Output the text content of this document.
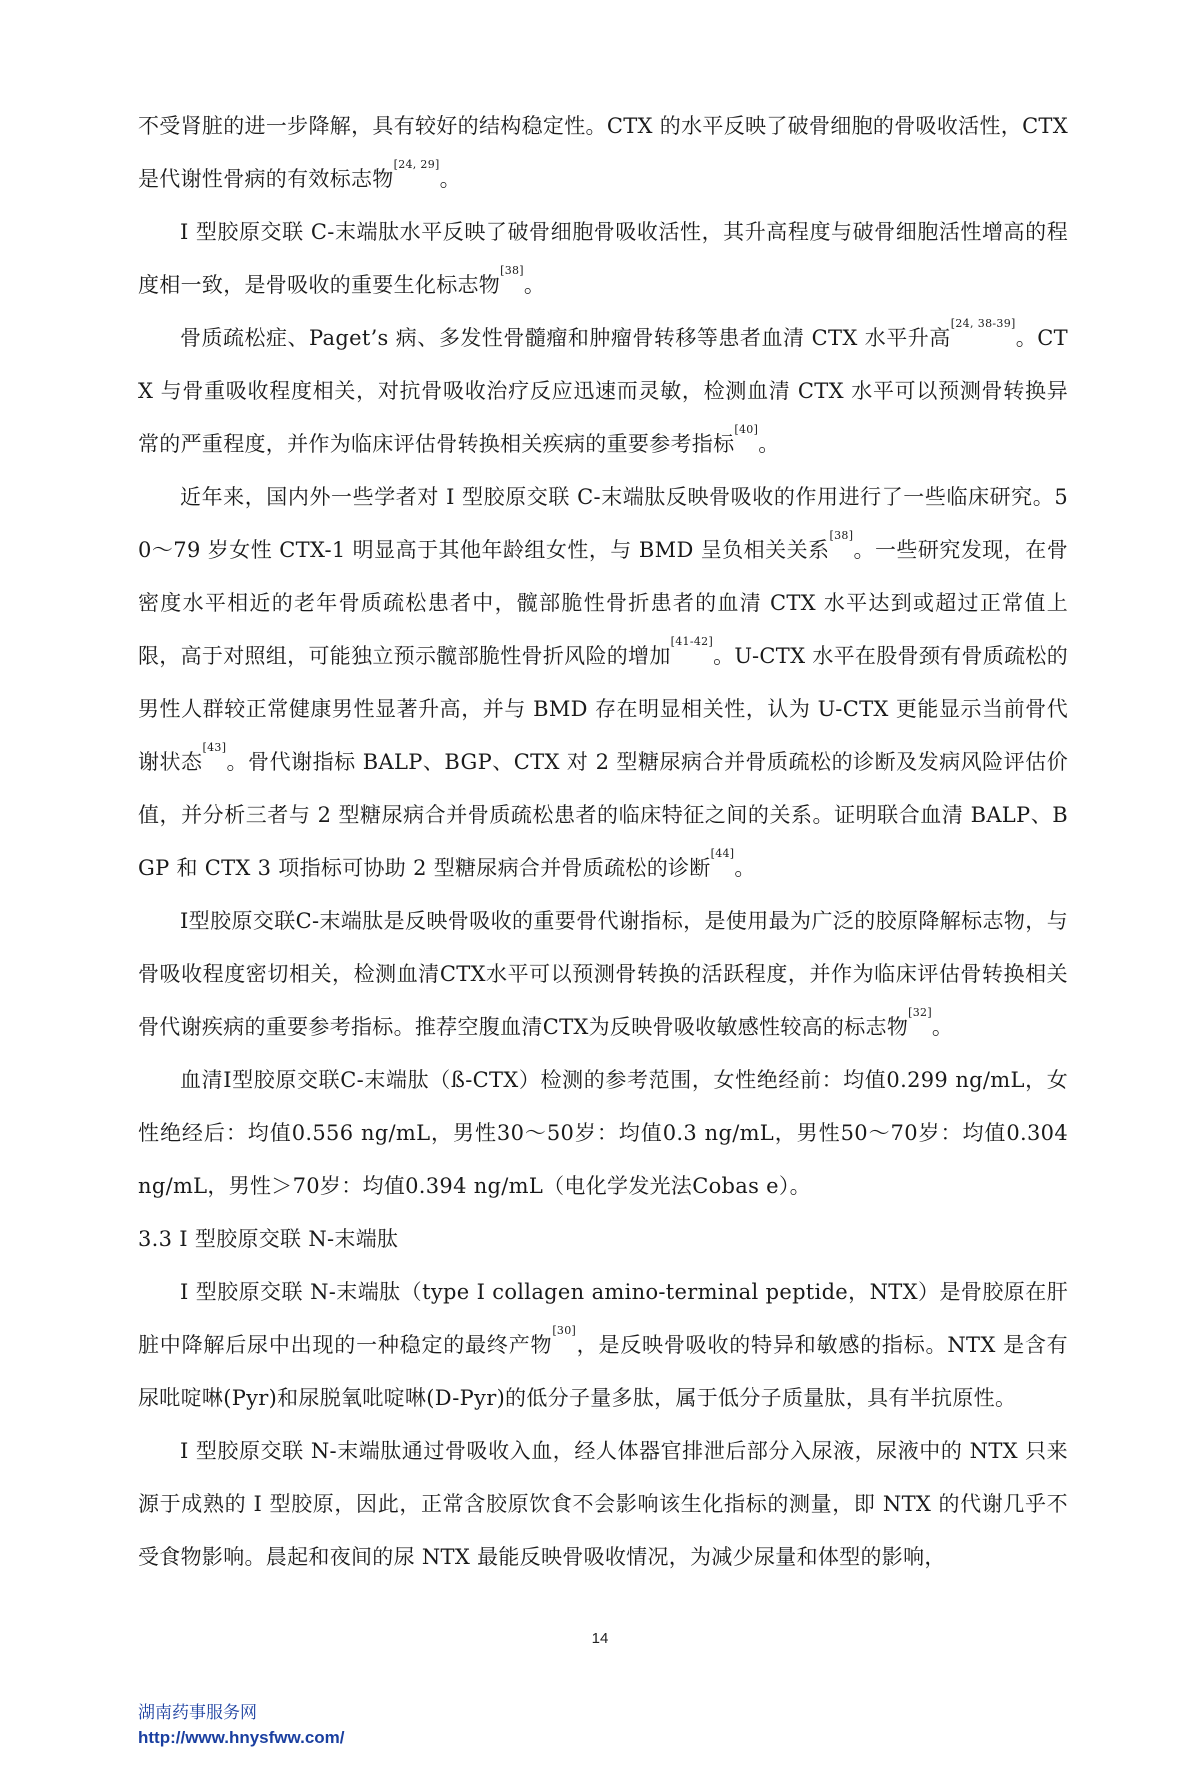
不受肾脏的进一步降解，具有较好的结构稳定性。CTX 的水平反映了破骨细胞的骨吸收活性，CTX 是代谢性骨病的有效标志物[24, 29]。

I 型胶原交联 C-末端肽水平反映了破骨细胞骨吸收活性，其升高程度与破骨细胞活性增高的程度相一致，是骨吸收的重要生化标志物[38]。

骨质疏松症、Paget’s 病、多发性骨髓瘤和肿瘤骨转移等患者血清 CTX 水平升高[24, 38-39]。CTX 与骨重吸收程度相关，对抗骨吸收治疗反应迅速而灵敏，检测血清 CTX 水平可以预测骨转换异常的严重程度，并作为临床评估骨转换相关疾病的重要参考指标[40]。

近年来，国内外一些学者对 I 型胶原交联 C-末端肽反映骨吸收的作用进行了一些临床研究。50～79 岁女性 CTX-1 明显高于其他年龄组女性，与 BMD 呈负相关关系[38]。一些研究发现，在骨密度水平相近的老年骨质疏松患者中，髋部脆性骨折患者的血清 CTX 水平达到或超过正常值上限，高于对照组，可能独立预示髋部脆性骨折风险的增加[41-42]。U-CTX 水平在股骨颈有骨质疏松的男性人群较正常健康男性显著升高，并与 BMD 存在明显相关性，认为 U-CTX 更能显示当前骨代谢状态[43]。骨代谢指标 BALP、BGP、CTX 对 2 型糖尿病合并骨质疏松的诊断及发病风险评估价值，并分析三者与 2 型糖尿病合并骨质疏松患者的临床特征之间的关系。证明联合血清 BALP、BGP 和 CTX 3 项指标可协助 2 型糖尿病合并骨质疏松的诊断[44]。

I型胶原交联C-末端肽是反映骨吸收的重要骨代谢指标，是使用最为广泛的胶原降解标志物，与骨吸收程度密切相关，检测血清CTX水平可以预测骨转换的活跃程度，并作为临床评估骨转换相关骨代谢疾病的重要参考指标。推荐空腹血清CTX为反映骨吸收敏感性较高的标志物[32]。

血清I型胶原交联C-末端肽（ß-CTX）检测的参考范围，女性绝经前：均值0.299 ng/mL，女性绝经后：均值0.556 ng/mL，男性30～50岁：均值0.3 ng/mL，男性50～70岁：均值0.304 ng/mL，男性＞70岁：均值0.394 ng/mL（电化学发光法Cobas e）。

3.3 I 型胶原交联 N-末端肽

I 型胶原交联 N-末端肽（type I collagen amino-terminal peptide，NTX）是骨胶原在肝脏中降解后尿中出现的一种稳定的最终产物[30]，是反映骨吸收的特异和敏感的指标。NTX 是含有尿吡啶啉(Pyr)和尿脱氧吡啶啉(D-Pyr)的低分子量多肽，属于低分子质量肽，具有半抗原性。

I 型胶原交联 N-末端肽通过骨吸收入血，经人体器官排泄后部分入尿液，尿液中的 NTX 只来源于成熟的 I 型胶原，因此，正常含胶原饮食不会影响该生化指标的测量，即 NTX 的代谢几乎不受食物影响。晨起和夜间的尿 NTX 最能反映骨吸收情况，为减少尿量和体型的影响，

14
湖南药事服务网
http://www.hnysfww.com/
